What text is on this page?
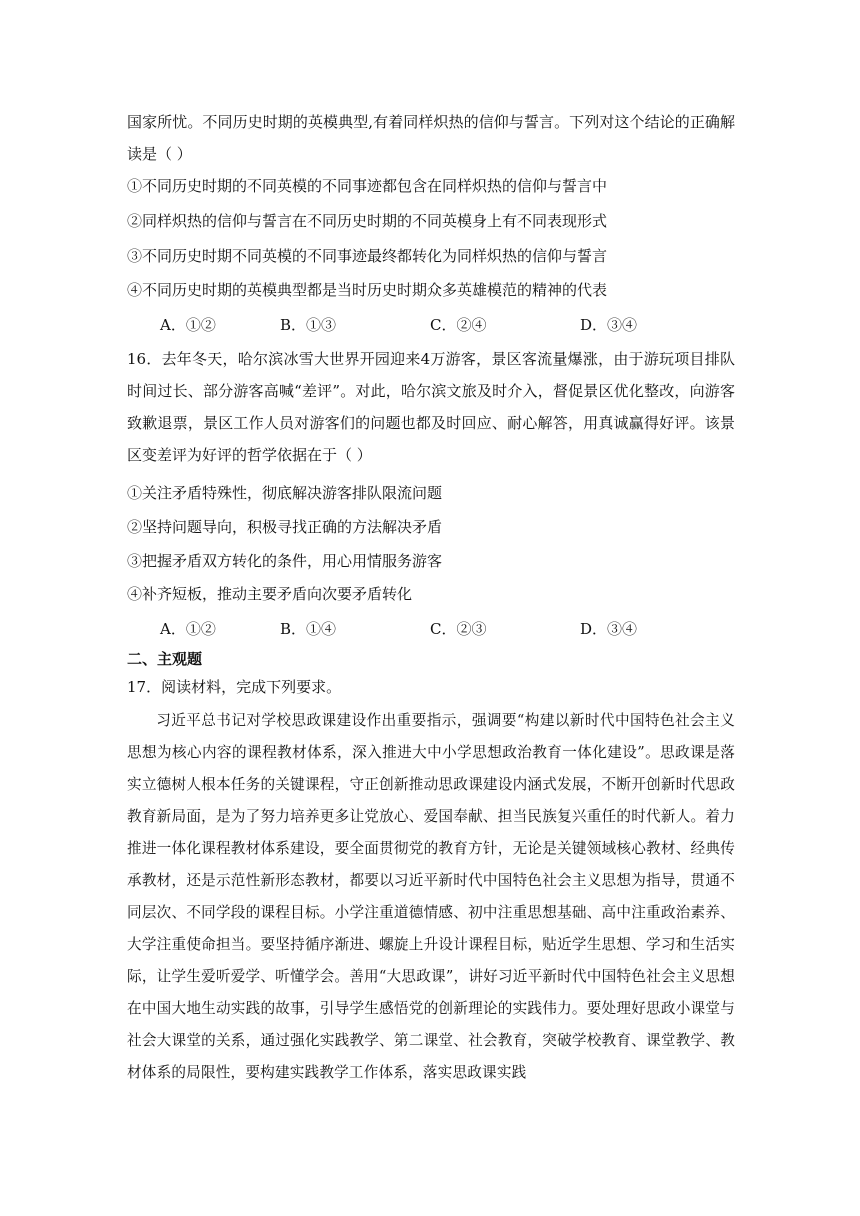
国家所忧。不同历史时期的英模典型,有着同样炽热的信仰与誓言。下列对这个结论的正确解读是（ ）
①不同历史时期的不同英模的不同事迹都包含在同样炽热的信仰与誓言中
②同样炽热的信仰与誓言在不同历史时期的不同英模身上有不同表现形式
③不同历史时期不同英模的不同事迹最终都转化为同样炽热的信仰与誓言
④不同历史时期的英模典型都是当时历史时期众多英雄模范的精神的代表
A．①②	B．①③	C．②④	D．③④
16．去年冬天，哈尔滨冰雪大世界开园迎来4万游客，景区客流量爆涨，由于游玩项目排队时间过长、部分游客高喊“差评”。对此，哈尔滨文旅及时介入，督促景区优化整改，向游客致歉退票，景区工作人员对游客们的问题也都及时回应、耐心解答，用真诚赢得好评。该景区变差评为好评的哲学依据在于（ ）
①关注矛盾特殊性，彻底解决游客排队限流问题
②坚持问题导向，积极寻找正确的方法解决矛盾
③把握矛盾双方转化的条件，用心用情服务游客
④补齐短板，推动主要矛盾向次要矛盾转化
A．①②	B．①④	C．②③	D．③④
二、主观题
17．阅读材料，完成下列要求。
习近平总书记对学校思政课建设作出重要指示，强调要“构建以新时代中国特色社会主义思想为核心内容的课程教材体系，深入推进大中小学思想政治教育一体化建设”。思政课是落实立德树人根本任务的关键课程，守正创新推动思政课建设内涵式发展，不断开创新时代思政教育新局面，是为了努力培养更多让党放心、爱国奉献、担当民族复兴重任的时代新人。着力推进一体化课程教材体系建设，要全面贯彻党的教育方针，无论是关键领域核心教材、经典传承教材，还是示范性新形态教材，都要以习近平新时代中国特色社会主义思想为指导，贯通不同层次、不同学段的课程目标。小学注重道德情感、初中注重思想基础、高中注重政治素养、大学注重使命担当。要坚持循序渐进、螺旋上升设计课程目标，贴近学生思想、学习和生活实际，让学生爱听爱学、听懂学会。善用“大思政课”，讲好习近平新时代中国特色社会主义思想在中国大地生动实践的故事，引导学生感悟党的创新理论的实践伟力。要处理好思政小课堂与社会大课堂的关系，通过强化实践教学、第二课堂、社会教育，突破学校教育、课堂教学、教材体系的局限性，要构建实践教学工作体系，落实思政课实践
